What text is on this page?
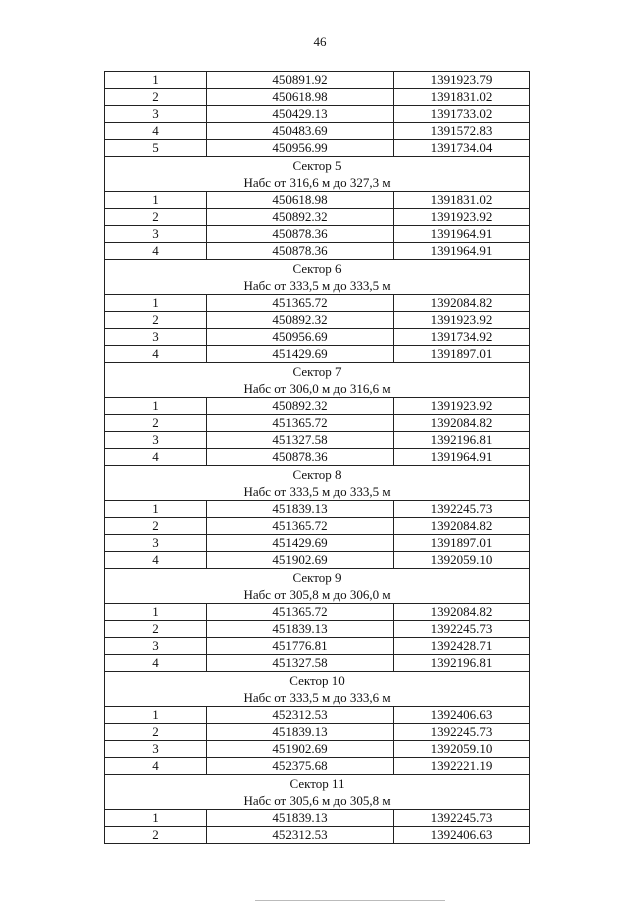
46
1	450891.92	1391923.79
2	450618.98	1391831.02
3	450429.13	1391733.02
4	450483.69	1391572.83
5	450956.99	1391734.04
Сектор 5		
Набс от 316,6 м до 327,3 м		
1	450618.98	1391831.02
2	450892.32	1391923.92
3	450878.36	1391964.91
4	450878.36	1391964.91
Сектор 6		
Набс от 333,5 м до 333,5 м		
1	451365.72	1392084.82
2	450892.32	1391923.92
3	450956.69	1391734.92
4	451429.69	1391897.01
Сектор 7		
Набс от 306,0 м до 316,6 м		
1	450892.32	1391923.92
2	451365.72	1392084.82
3	451327.58	1392196.81
4	450878.36	1391964.91
Сектор 8		
Набс от 333,5 м до 333,5 м		
1	451839.13	1392245.73
2	451365.72	1392084.82
3	451429.69	1391897.01
4	451902.69	1392059.10
Сектор 9		
Набс от 305,8 м до 306,0 м		
1	451365.72	1392084.82
2	451839.13	1392245.73
3	451776.81	1392428.71
4	451327.58	1392196.81
Сектор 10		
Набс от 333,5 м до 333,6 м		
1	452312.53	1392406.63
2	451839.13	1392245.73
3	451902.69	1392059.10
4	452375.68	1392221.19
Сектор 11		
Набс от 305,6 м до 305,8 м		
1	451839.13	1392245.73
2	452312.53	1392406.63
